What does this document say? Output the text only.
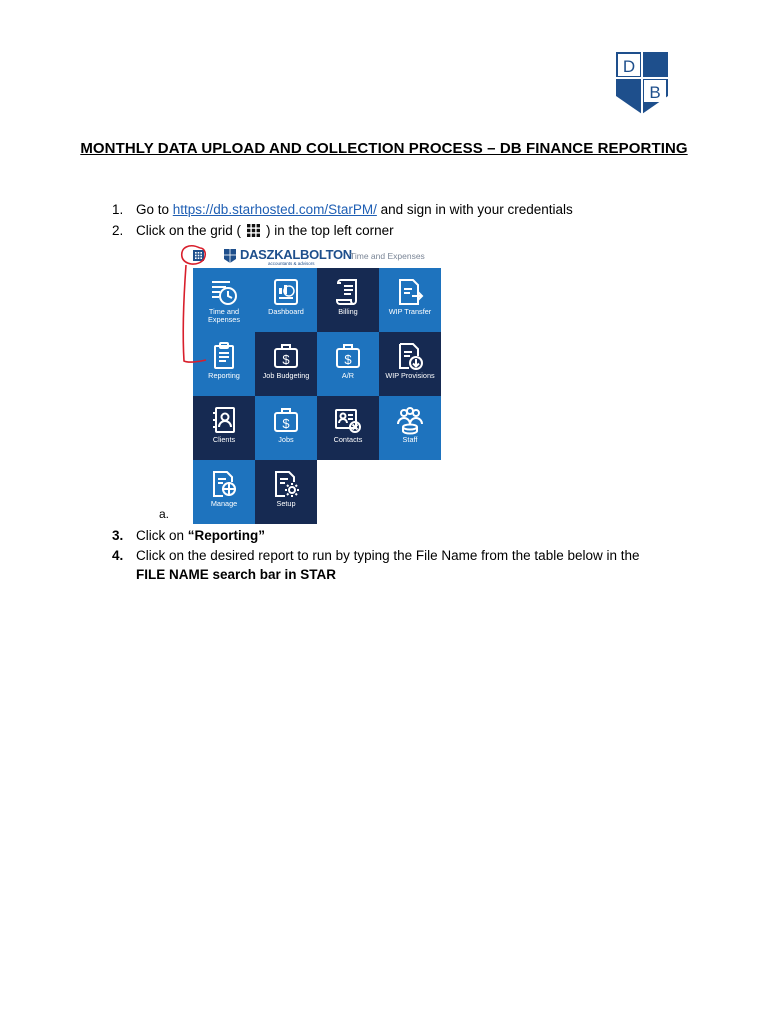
D
B
MONTHLY DATA UPLOAD AND COLLECTION PROCESS – DB FINANCE REPORTING
1. Go to https://db.starhosted.com/StarPM/ and sign in with your credentials
2. Click on the grid ( ) in the top left corner
DASZKALBOLTON
accountants & advisors
Time and Expenses
Time and Expenses
Dashboard	Billing	WIP Transfer
Reporting
$
Job Budgeting
$
A/R	WIP Provisions
Clients
$
Jobs	Contacts	Staff
Manage	Setup
a.
3. Click on “Reporting”
4. Click on the desired report to run by typing the File Name from the table below in the
FILE NAME search bar in STAR
